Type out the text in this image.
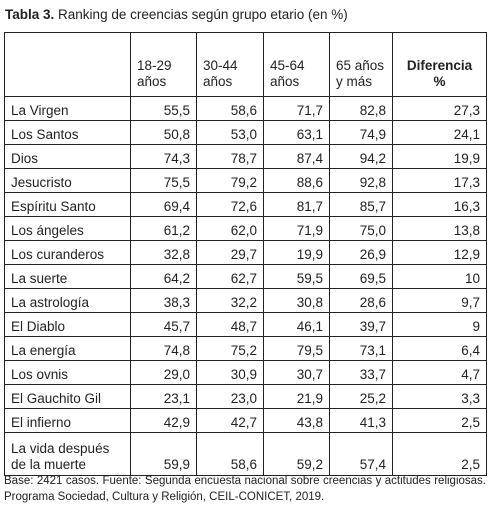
Tabla 3. Ranking de creencias según grupo etario (en %)
	18-29 años	30-44 años	45-64 años	65 años y más	Diferencia %
La Virgen	55,5	58,6	71,7	82,8	27,3
Los Santos	50,8	53,0	63,1	74,9	24,1
Dios	74,3	78,7	87,4	94,2	19,9
Jesucristo	75,5	79,2	88,6	92,8	17,3
Espíritu Santo	69,4	72,6	81,7	85,7	16,3
Los ángeles	61,2	62,0	71,9	75,0	13,8
Los curanderos	32,8	29,7	19,9	26,9	12,9
La suerte	64,2	62,7	59,5	69,5	10
La astrología	38,3	32,2	30,8	28,6	9,7
El Diablo	45,7	48,7	46,1	39,7	9
La energía	74,8	75,2	79,5	73,1	6,4
Los ovnis	29,0	30,9	30,7	33,7	4,7
El Gauchito Gil	23,1	23,0	21,9	25,2	3,3
El infierno	42,9	42,7	43,8	41,3	2,5
La vida después de la muerte	59,9	58,6	59,2	57,4	2,5
Base: 2421 casos. Fuente: Segunda encuesta nacional sobre creencias y actitudes religiosas. Programa Sociedad, Cultura y Religión, CEIL-CONICET, 2019.
